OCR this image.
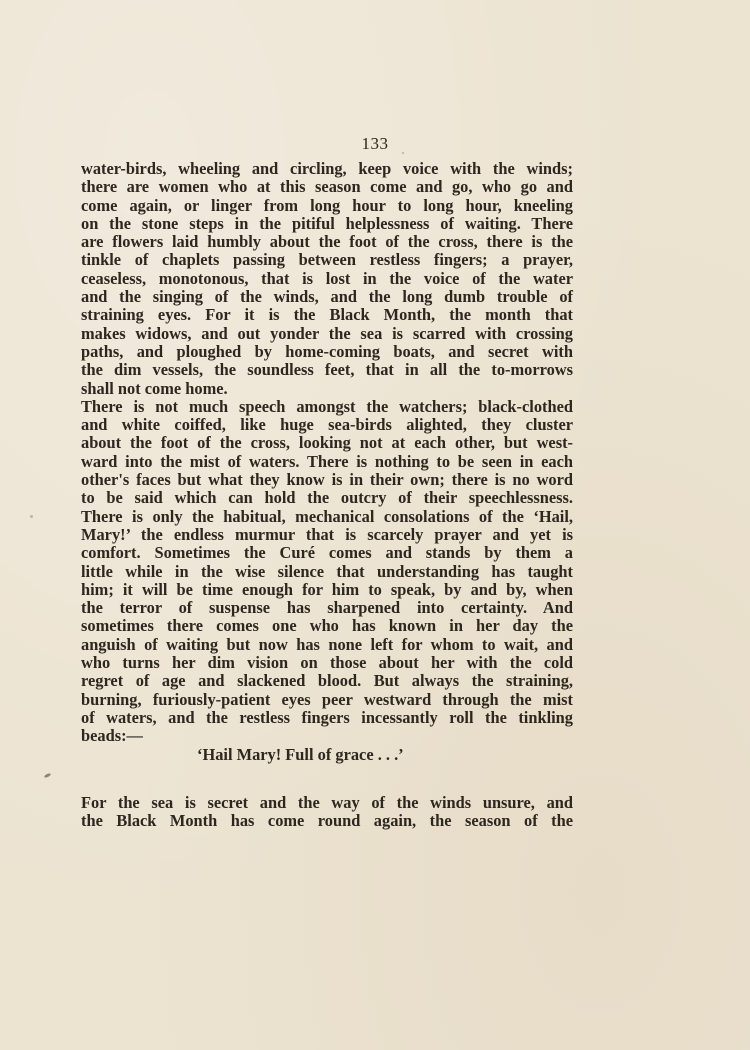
133
water-birds, wheeling and circling, keep voice with the winds;
there are women who at this season come and go, who go and
come again, or linger from long hour to long hour, kneeling
on the stone steps in the pitiful helplessness of waiting. There
are flowers laid humbly about the foot of the cross, there is the
tinkle of chaplets passing between restless fingers; a prayer,
ceaseless, monotonous, that is lost in the voice of the water
and the singing of the winds, and the long dumb trouble of
straining eyes. For it is the Black Month, the month that
makes widows, and out yonder the sea is scarred with crossing
paths, and ploughed by home-coming boats, and secret with
the dim vessels, the soundless feet, that in all the to-morrows
shall not come home.
There is not much speech amongst the watchers; black-clothed
and white coiffed, like huge sea-birds alighted, they cluster
about the foot of the cross, looking not at each other, but west-
ward into the mist of waters. There is nothing to be seen in each
other's faces but what they know is in their own; there is no word
to be said which can hold the outcry of their speechlessness.
There is only the habitual, mechanical consolations of the ‘Hail,
Mary!’ the endless murmur that is scarcely prayer and yet is
comfort. Sometimes the Curé comes and stands by them a
little while in the wise silence that understanding has taught
him; it will be time enough for him to speak, by and by, when
the terror of suspense has sharpened into certainty. And
sometimes there comes one who has known in her day the
anguish of waiting but now has none left for whom to wait, and
who turns her dim vision on those about her with the cold
regret of age and slackened blood. But always the straining,
burning, furiously-patient eyes peer westward through the mist
of waters, and the restless fingers incessantly roll the tinkling
beads:—
‘Hail Mary! Full of grace . . .’
For the sea is secret and the way of the winds unsure, and
the Black Month has come round again, the season of the
